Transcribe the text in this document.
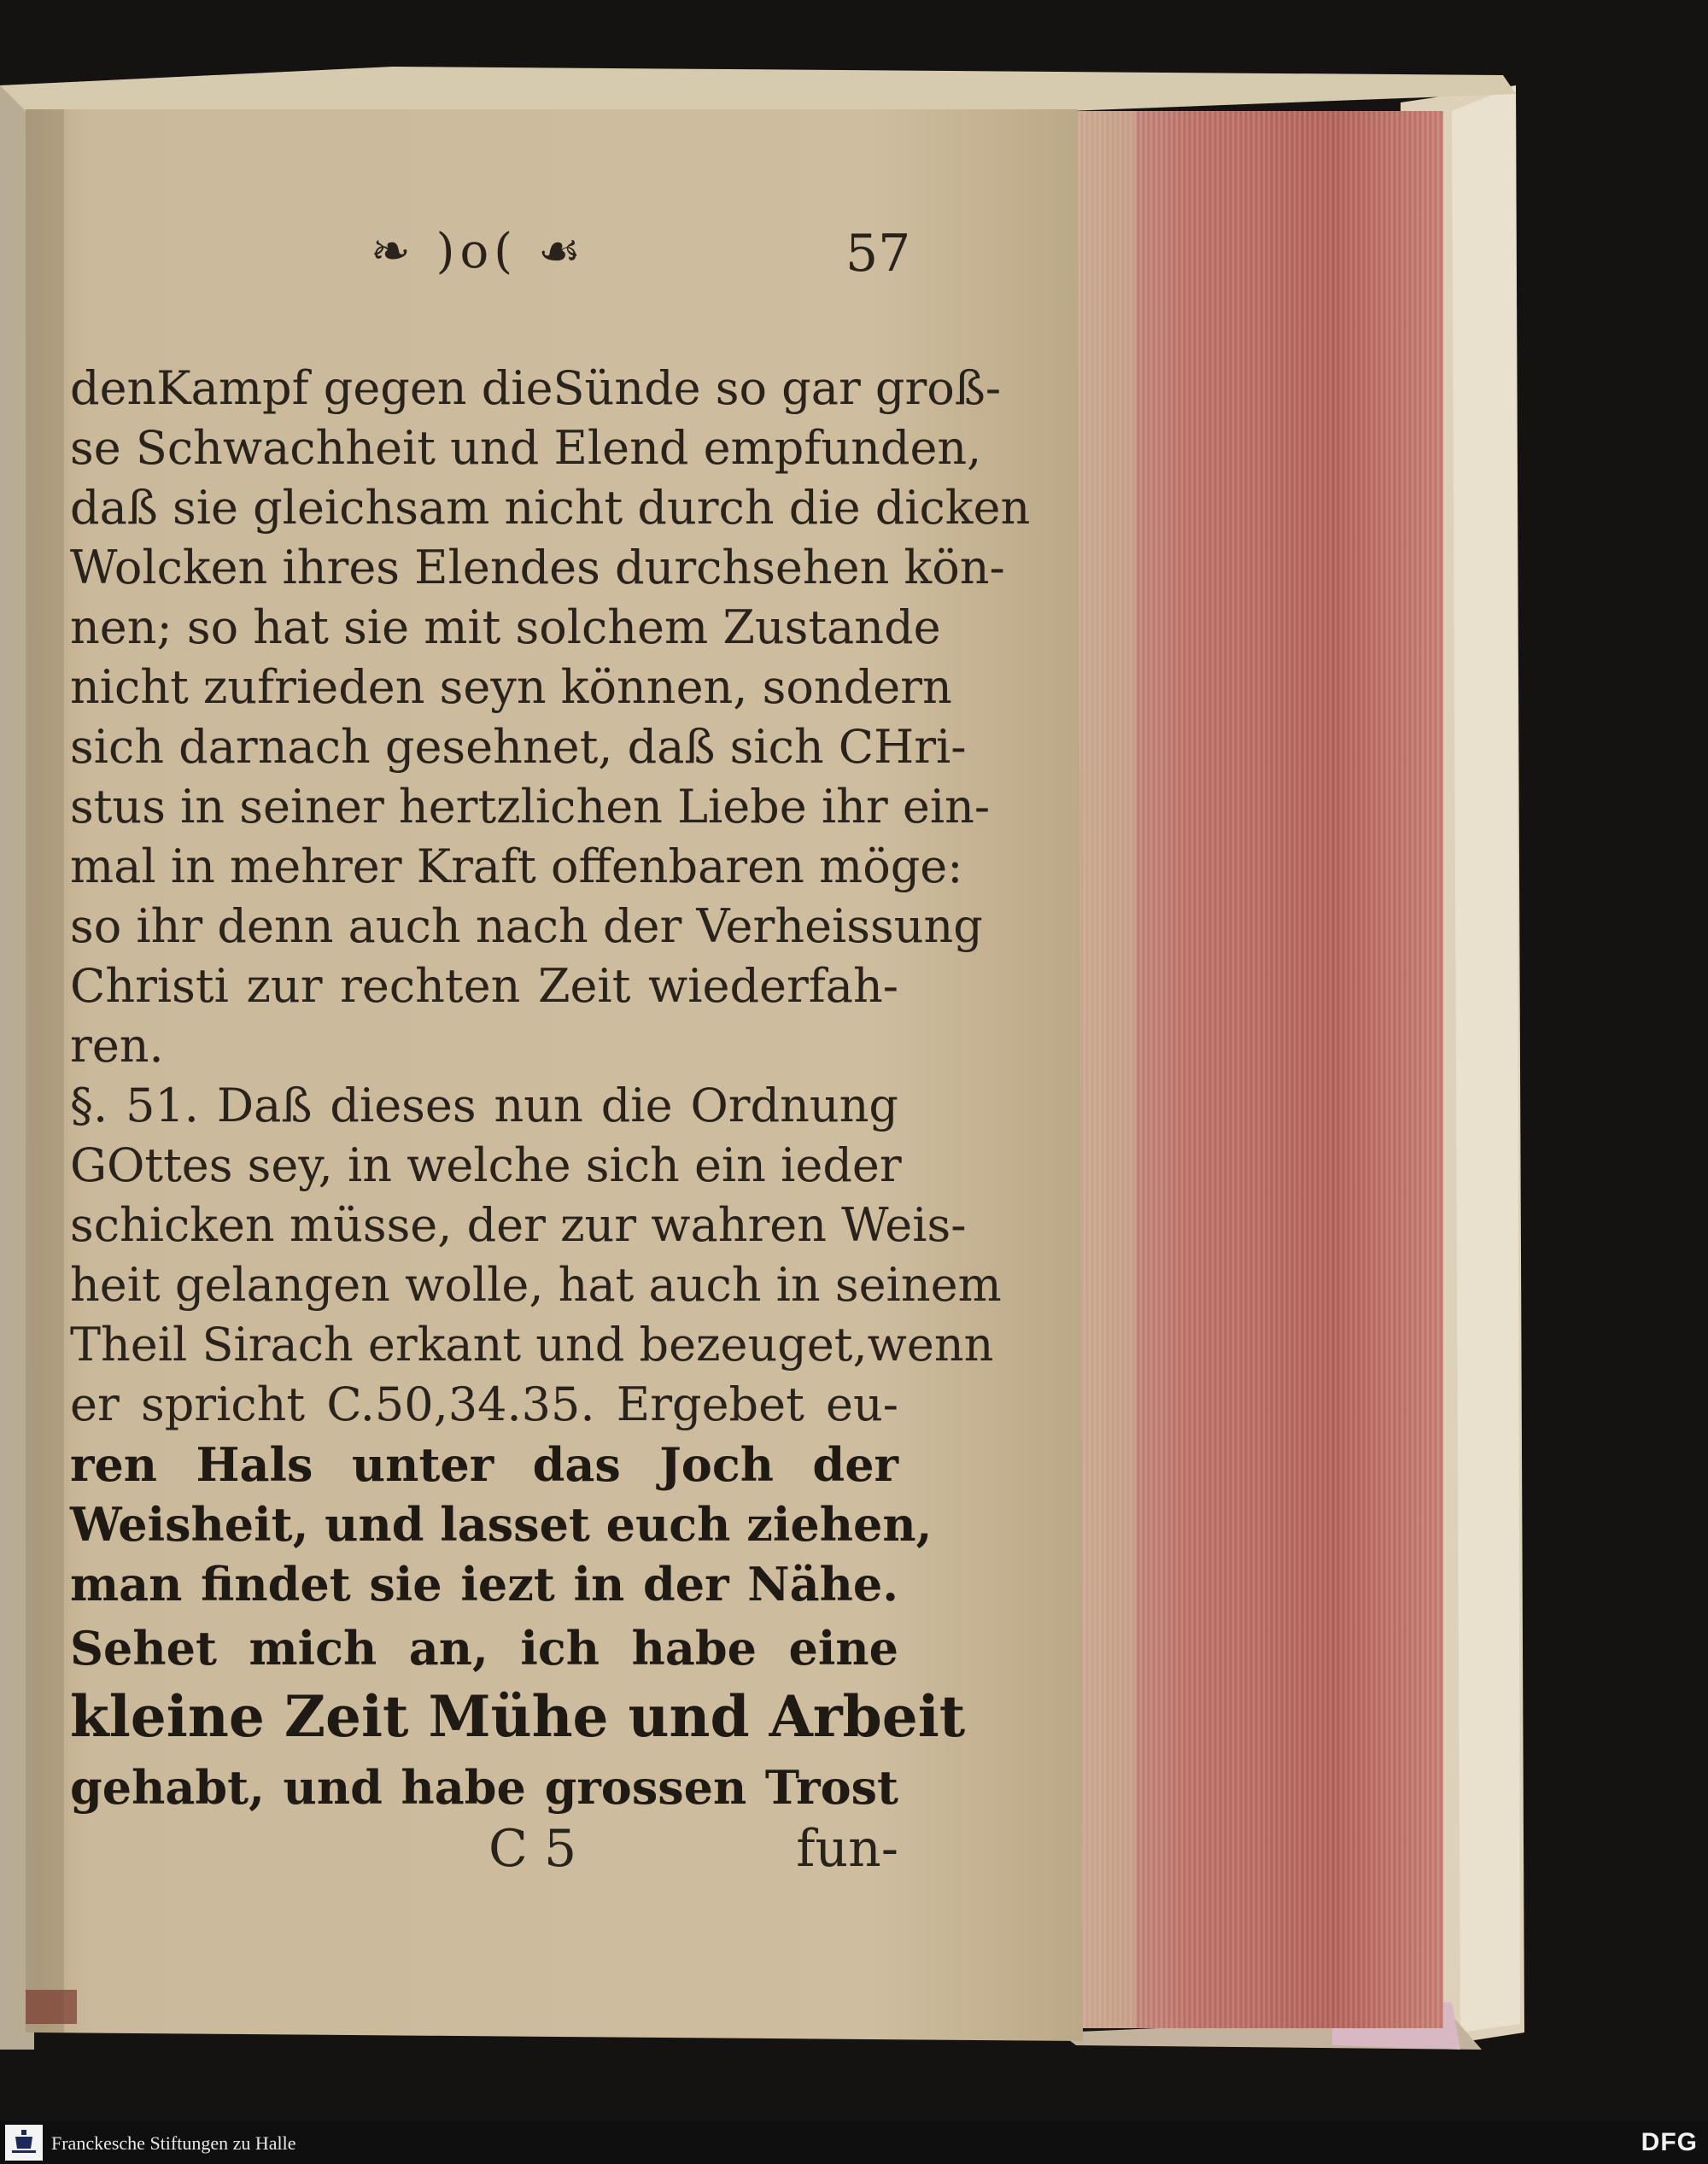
❧ )o( ☙	57
denKampf gegen dieSünde so gar groß-
se Schwachheit und Elend empfunden,
daß sie gleichsam nicht durch die dicken
Wolcken ihres Elendes durchsehen kön-
nen; so hat sie mit solchem Zustande
nicht zufrieden seyn können, sondern
sich darnach gesehnet, daß sich CHri-
stus in seiner hertzlichen Liebe ihr ein-
mal in mehrer Kraft offenbaren möge:
so ihr denn auch nach der Verheissung
Christi zur rechten Zeit wiederfah-
ren.
§. 51. Daß dieses nun die Ordnung
GOttes sey, in welche sich ein ieder
schicken müsse, der zur wahren Weis-
heit gelangen wolle, hat auch in seinem
Theil Sirach erkant und bezeuget,wenn
er spricht C.50,34.35. Ergebet eu-
ren Hals unter das Joch der
Weisheit, und lasset euch ziehen,
man findet sie iezt in der Nähe.
Sehet mich an, ich habe eine
kleine Zeit Mühe und Arbeit
gehabt, und habe grossen Trost
C 5	fun-
Franckesche Stiftungen zu Halle	DFG
